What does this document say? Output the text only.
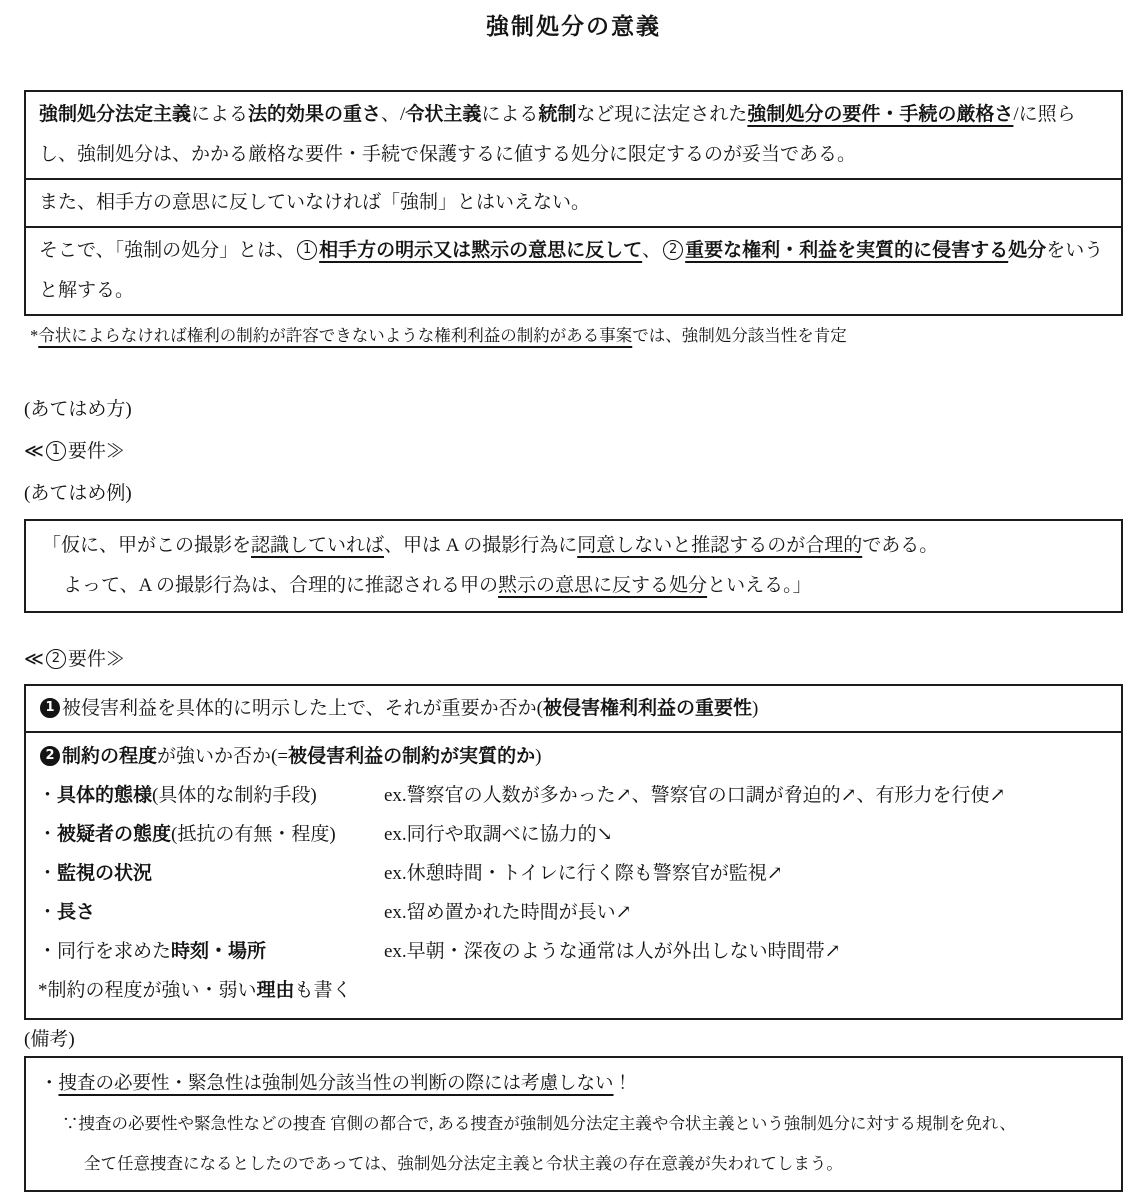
強制処分の意義
強制処分法定主義による法的効果の重さ、/令状主義による統制など現に法定された強制処分の要件・手続の厳格さ/に照らし、強制処分は、かかる厳格な要件・手続で保護するに値する処分に限定するのが妥当である。
また、相手方の意思に反していなければ「強制」とはいえない。
そこで、「強制の処分」とは、 1 相手方の明示又は黙示の意思に反して、 2 重要な権利・利益を実質的に侵害する処分をいうと解する。
*令状によらなければ権利の制約が許容できないような権利利益の制約がある事案では、強制処分該当性を肯定
(あてはめ方)
≪ 1 要件≫
(あてはめ例)
「仮に、甲がこの撮影を認識していれば、甲は A の撮影行為に同意しないと推認するのが合理的である。
よって、A の撮影行為は、合理的に推認される甲の黙示の意思に反する処分といえる。」
≪ 2 要件≫
1 被侵害利益を具体的に明示した上で、それが重要か否か(被侵害権利利益の重要性)
2 制約の程度が強いか否か(=被侵害利益の制約が実質的か)
・具体的態様(具体的な制約手段)	ex.警察官の人数が多かった↗、警察官の口調が脅迫的↗、有形力を行使↗
・被疑者の態度(抵抗の有無・程度)	ex.同行や取調べに協力的↘
・監視の状況	ex.休憩時間・トイレに行く際も警察官が監視↗
・長さ	ex.留め置かれた時間が長い↗
・同行を求めた時刻・場所	ex.早朝・深夜のような通常は人が外出しない時間帯↗
*制約の程度が強い・弱い理由も書く
(備考)
・捜査の必要性・緊急性は強制処分該当性の判断の際には考慮しない！
∵捜査の必要性や緊急性などの捜査 官側の都合で, ある捜査が強制処分法定主義や令状主義という強制処分に対する規制を免れ、
全て任意捜査になるとしたのであっては、強制処分法定主義と令状主義の存在意義が失われてしまう。
